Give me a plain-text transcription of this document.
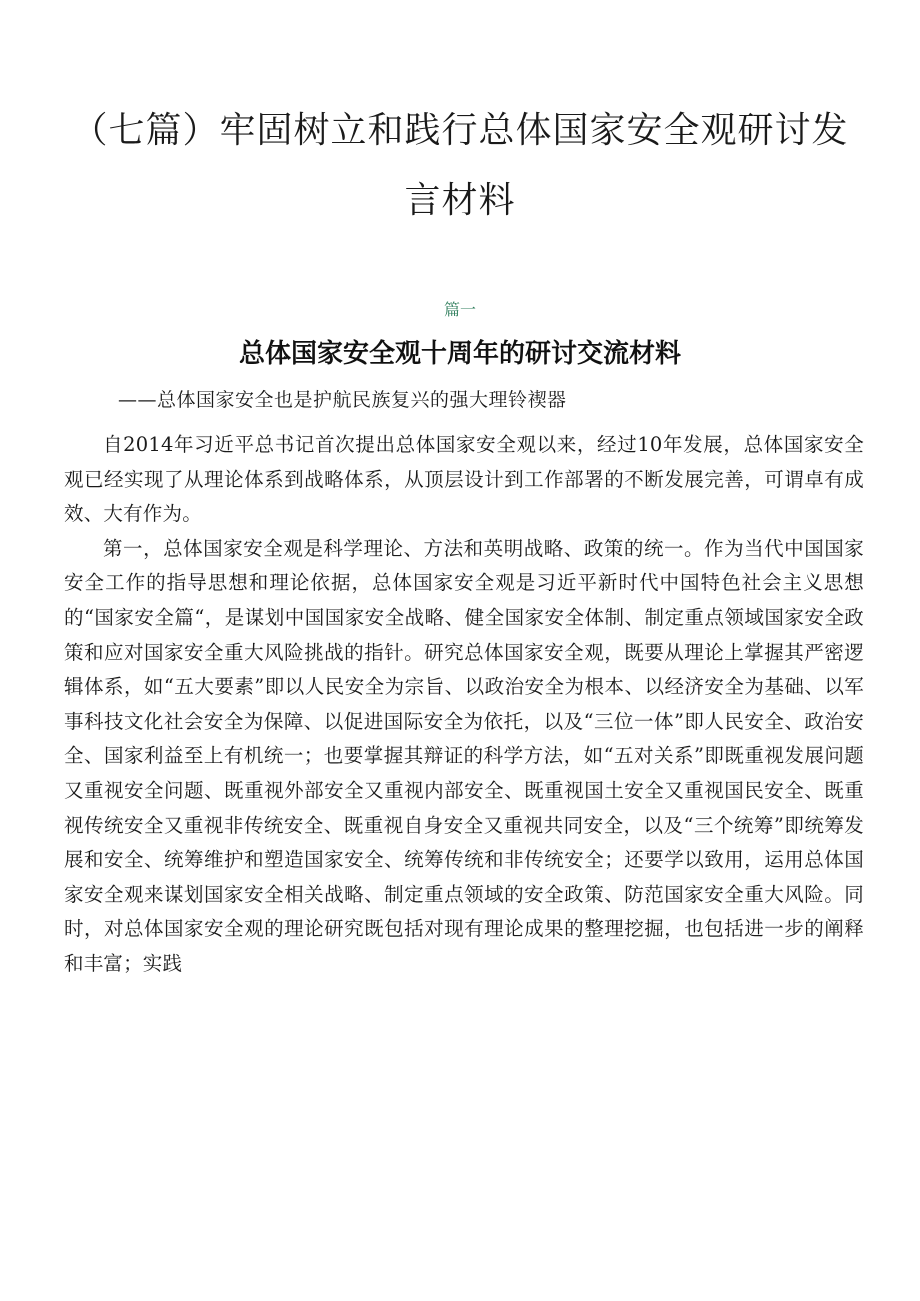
（七篇）牢固树立和践行总体国家安全观研讨发言材料
篇一
总体国家安全观十周年的研讨交流材料
——总体国家安全也是护航民族复兴的强大理铃禊器

自2014年习近平总书记首次提出总体国家安全观以来，经过10年发展，总体国家安全观已经实现了从理论体系到战略体系，从顶层设计到工作部署的不断发展完善，可谓卓有成效、大有作为。

第一，总体国家安全观是科学理论、方法和英明战略、政策的统一。作为当代中国国家安全工作的指导思想和理论依据，总体国家安全观是习近平新时代中国特色社会主义思想的“国家安全篇“，是谋划中国国家安全战略、健全国家安全体制、制定重点领域国家安全政策和应对国家安全重大风险挑战的指针。研究总体国家安全观，既要从理论上掌握其严密逻辑体系，如“五大要素”即以人民安全为宗旨、以政治安全为根本、以经济安全为基础、以军事科技文化社会安全为保障、以促进国际安全为依托，以及“三位一体”即人民安全、政治安全、国家利益至上有机统一；也要掌握其辩证的科学方法，如“五对关系”即既重视发展问题又重视安全问题、既重视外部安全又重视内部安全、既重视国土安全又重视国民安全、既重视传统安全又重视非传统安全、既重视自身安全又重视共同安全，以及“三个统筹”即统筹发展和安全、统筹维护和塑造国家安全、统筹传统和非传统安全；还要学以致用，运用总体国家安全观来谋划国家安全相关战略、制定重点领域的安全政策、防范国家安全重大风险。同时，对总体国家安全观的理论研究既包括对现有理论成果的整理挖掘，也包括进一步的阐释和丰富；实践
